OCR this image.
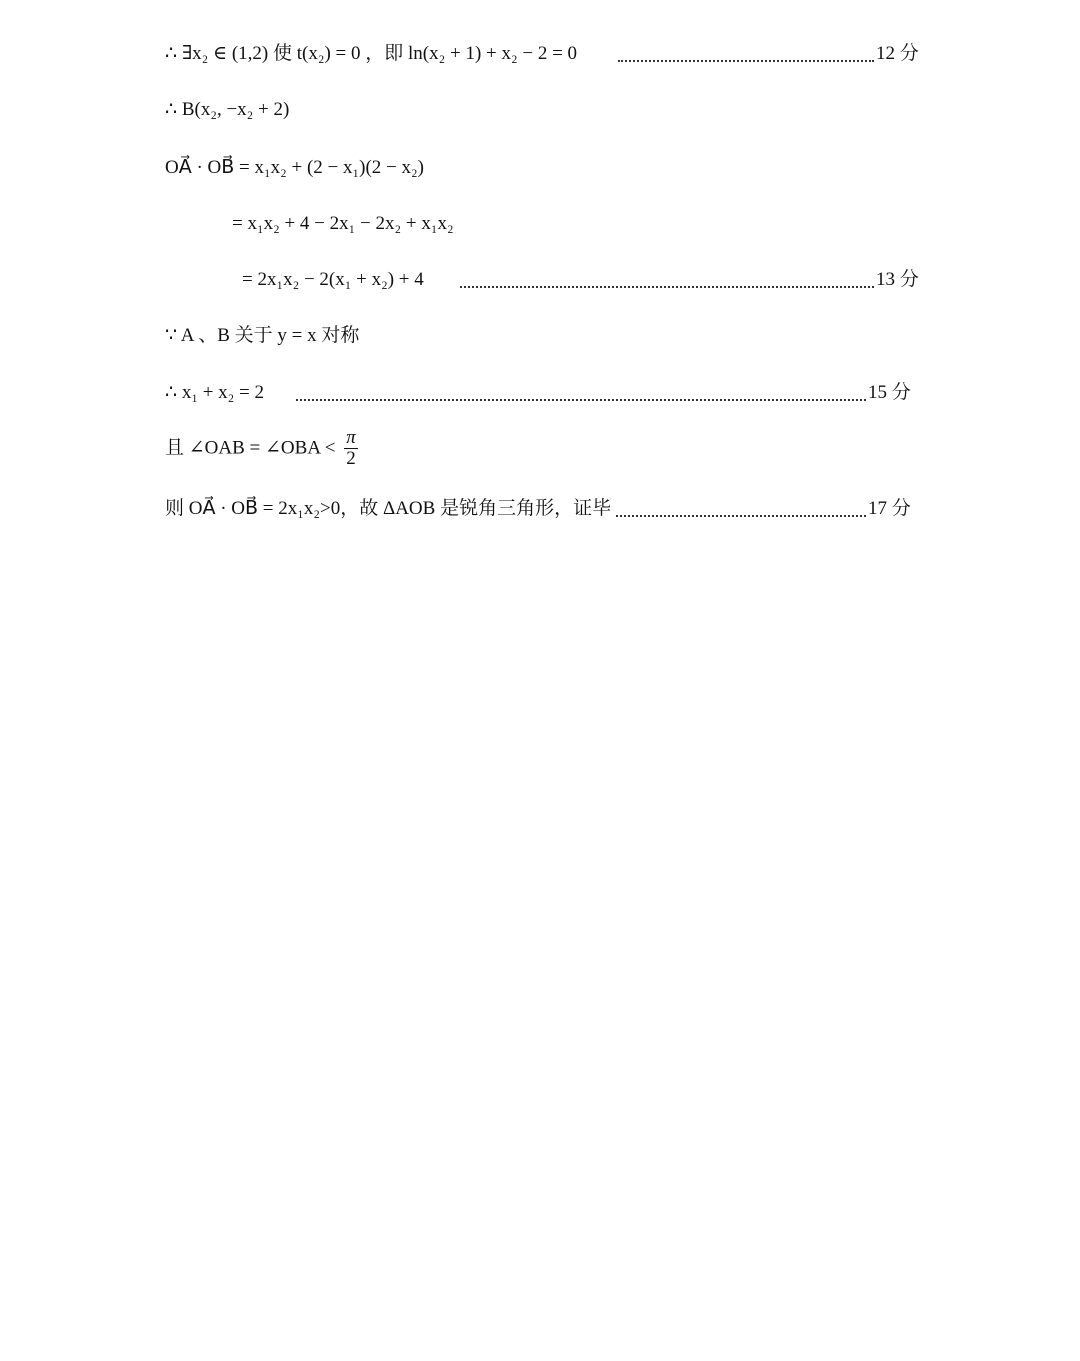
∴ ∃x₂ ∈ (1,2) 使 t(x₂) = 0 ，即 ln(x₂ + 1) + x₂ − 2 = 0	12 分
∴ B(x₂, −x₂ + 2)
OA⃗ · OB⃗ = x₁x₂ + (2 − x₁)(2 − x₂)
= x₁x₂ + 4 − 2x₁ − 2x₂ + x₁x₂
= 2x₁x₂ − 2(x₁ + x₂) + 4	13 分
∵ A 、B 关于 y = x 对称
∴ x₁ + x₂ = 2	15 分
且 ∠OAB = ∠OBA < $\frac{\pi}{2}$
则 OA⃗ · OB⃗ = 2x₁x₂>0，故 ΔAOB 是锐角三角形，证毕	17 分
